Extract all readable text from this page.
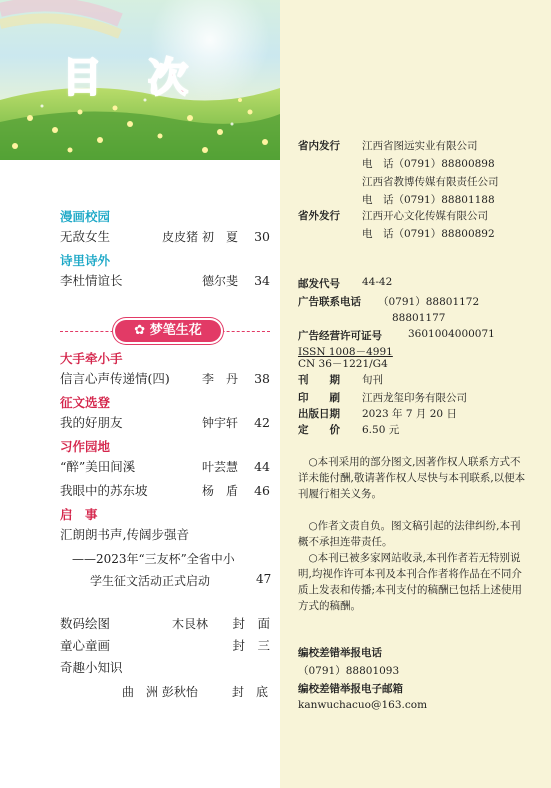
目 次
漫画校园
无敌女生	皮皮猪 初　夏 30
诗里诗外
李杜情谊长	德尔斐 34
✿ 梦笔生花
大手牵小手
信言心声传递情(四)	李　丹 38
征文选登
我的好朋友	钟宇轩 42
习作园地
“醉”美田间溪	叶芸慧 44
我眼中的苏东坡	杨　盾 46
启　事
汇朗朗书声,传阔步强音
——2023年“三友杯”全省中小
学生征文活动正式启动	47
数码绘图	木艮林 封　面
童心童画	封　三
奇趣小知识
曲　洲 彭秋怡	封　底
省内发行 江西省图远实业有限公司
电　话（0791）88800898
江西省教博传媒有限责任公司
电　话（0791）88801188
省外发行 江西开心文化传媒有限公司
电　话（0791）88800892
邮发代号 44-42
广告联系电话 （0791）88801172
88801177
广告经营许可证号 3601004000071
ISSN 1008－4991
CN 36－1221/G4
刊　　期 旬刊
印　　刷 江西龙玺印务有限公司
出版日期 2023 年 7 月 20 日
定　　价 6.50 元
○本刊采用的部分图文,因著作权人联系方式不详未能付酬,敬请著作权人尽快与本刊联系,以便本刊履行相关义务。
○作者文责自负。图文稿引起的法律纠纷,本刊概不承担连带责任。
○本刊已被多家网站收录,本刊作者若无特别说明,均视作许可本刊及本刊合作者将作品在不同介质上发表和传播;本刊支付的稿酬已包括上述使用方式的稿酬。
编校差错举报电话
（0791）88801093
编校差错举报电子邮箱
kanwuchacuo@163.com
